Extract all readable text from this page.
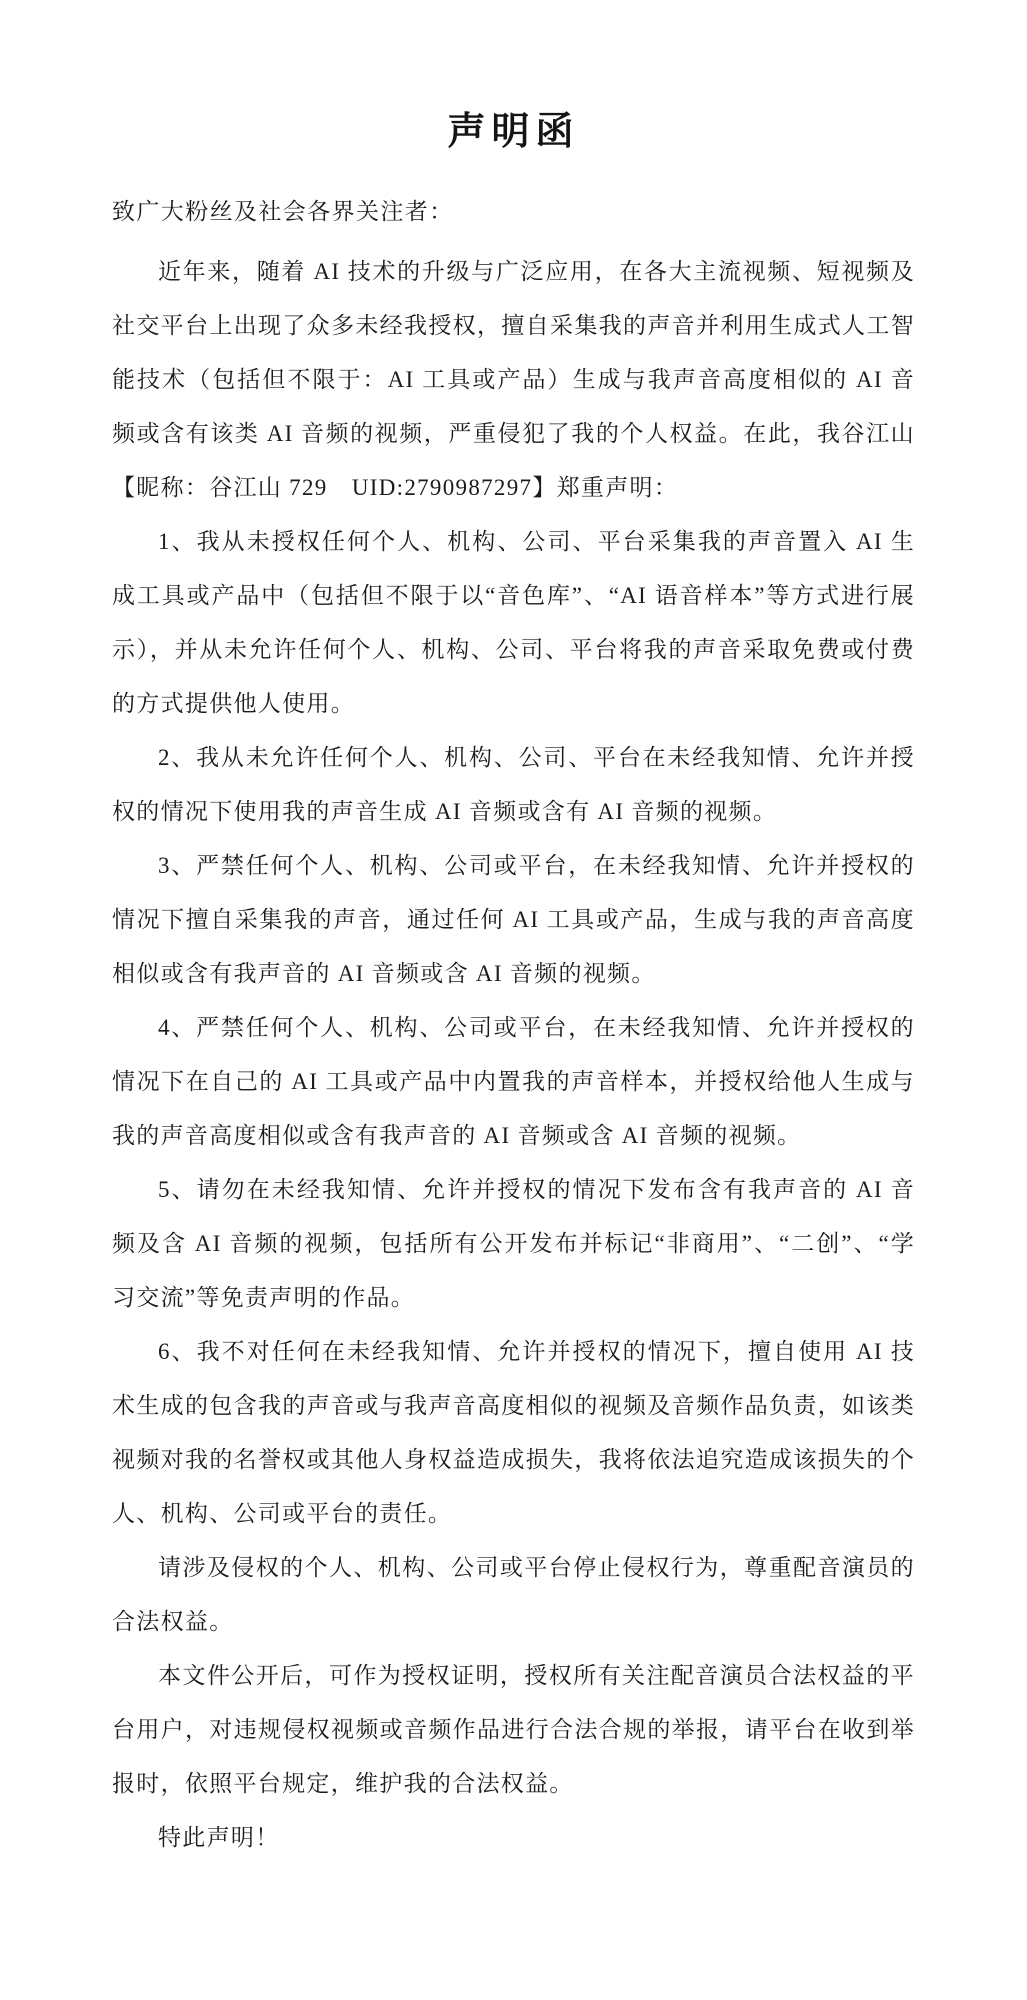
声明函

致广大粉丝及社会各界关注者：

近年来，随着 AI 技术的升级与广泛应用，在各大主流视频、短视频及社交平台上出现了众多未经我授权，擅自采集我的声音并利用生成式人工智能技术（包括但不限于：AI 工具或产品）生成与我声音高度相似的 AI 音频或含有该类 AI 音频的视频，严重侵犯了我的个人权益。在此，我谷江山【昵称：谷江山 729　UID:2790987297】郑重声明：

1、我从未授权任何个人、机构、公司、平台采集我的声音置入 AI 生成工具或产品中（包括但不限于以“音色库”、“AI 语音样本”等方式进行展示），并从未允许任何个人、机构、公司、平台将我的声音采取免费或付费的方式提供他人使用。

2、我从未允许任何个人、机构、公司、平台在未经我知情、允许并授权的情况下使用我的声音生成 AI 音频或含有 AI 音频的视频。

3、严禁任何个人、机构、公司或平台，在未经我知情、允许并授权的情况下擅自采集我的声音，通过任何 AI 工具或产品，生成与我的声音高度相似或含有我声音的 AI 音频或含 AI 音频的视频。

4、严禁任何个人、机构、公司或平台，在未经我知情、允许并授权的情况下在自己的 AI 工具或产品中内置我的声音样本，并授权给他人生成与我的声音高度相似或含有我声音的 AI 音频或含 AI 音频的视频。

5、请勿在未经我知情、允许并授权的情况下发布含有我声音的 AI 音频及含 AI 音频的视频，包括所有公开发布并标记“非商用”、“二创”、“学习交流”等免责声明的作品。

6、我不对任何在未经我知情、允许并授权的情况下，擅自使用 AI 技术生成的包含我的声音或与我声音高度相似的视频及音频作品负责，如该类视频对我的名誉权或其他人身权益造成损失，我将依法追究造成该损失的个人、机构、公司或平台的责任。

请涉及侵权的个人、机构、公司或平台停止侵权行为，尊重配音演员的合法权益。

本文件公开后，可作为授权证明，授权所有关注配音演员合法权益的平台用户，对违规侵权视频或音频作品进行合法合规的举报，请平台在收到举报时，依照平台规定，维护我的合法权益。

特此声明！
